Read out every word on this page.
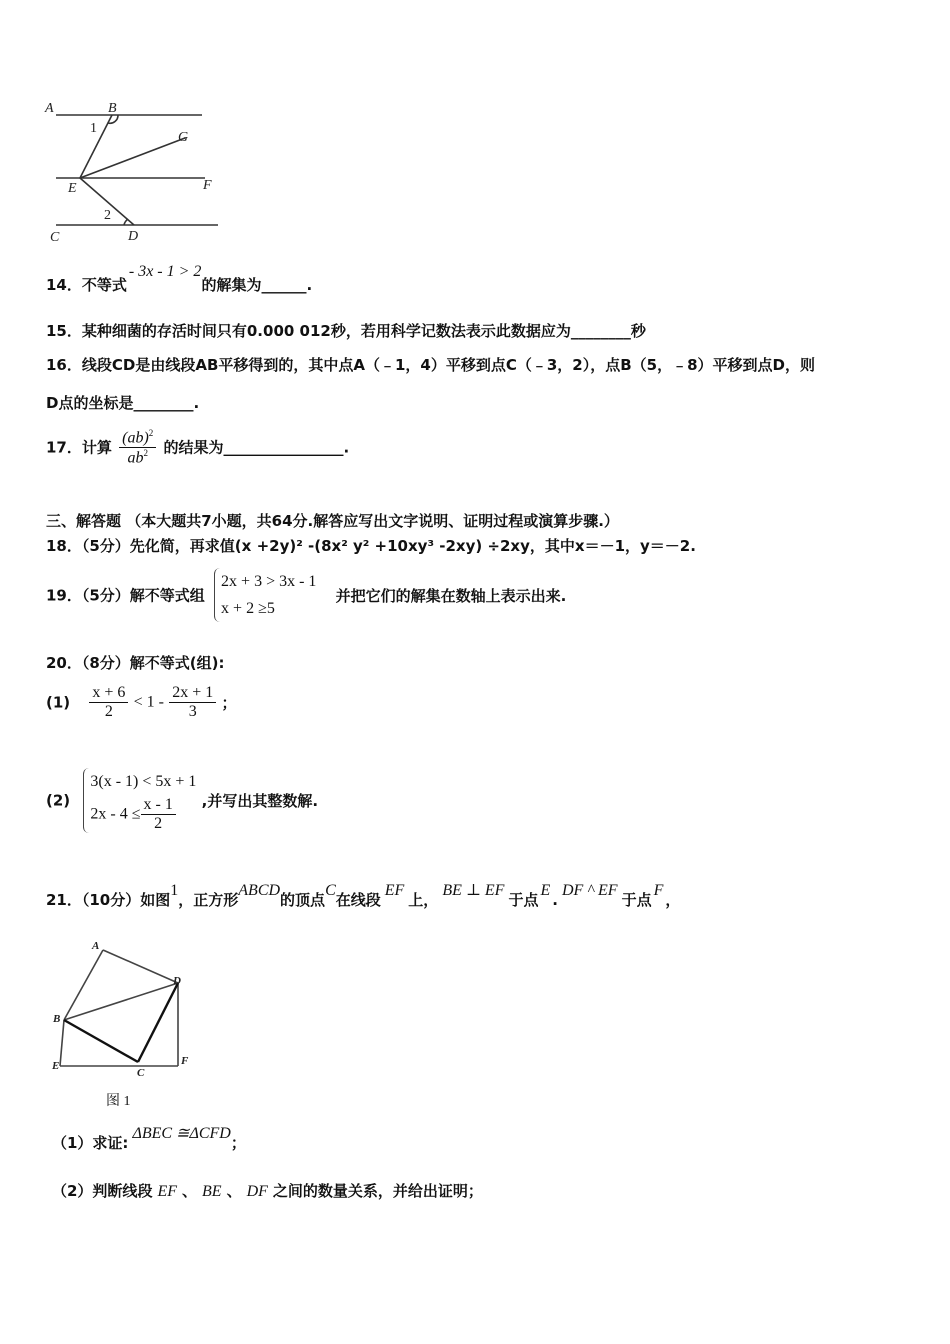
A	B
G
E	F
C	D
1
2
14．不等式- 3x - 1 > 2的解集为______.
15．某种细菌的存活时间只有0.000 012秒，若用科学记数法表示此数据应为________秒
16．线段CD是由线段AB平移得到的，其中点A（﹣1，4）平移到点C（﹣3，2），点B（5，﹣8）平移到点D，则
D点的坐标是________.
17．计算 $\frac{(ab)^2}{ab^2}$ 的结果为________________.
三、解答题 （本大题共7小题，共64分.解答应写出文字说明、证明过程或演算步骤.）
18．（5分）先化简，再求值(x +2y)² -(8x² y² +10xy³ -2xy) ÷2xy，其中x＝－1，y＝－2.
19．（5分）解不等式组
2x + 3 > 3x - 1
x + 2 ≥5
并把它们的解集在数轴上表示出来.
20．（8分）解不等式(组):
$(1) \frac{x + 6}{2} < 1 - \frac{2x + 1}{3}$ ；
(2)
3(x - 1) < 5x + 1
$2x - 4 \le \frac{x - 1}{2}$ ,并写出其整数解.
21．（10分）如图1，正方形ABCD的顶点C在线段EF上，BE ⊥ EF于点E.DF ^ EF于点F，
A
B
C
D
E	F
图 1
（1）求证:ΔBEC ≅ΔCFD；
（2）判断线段 EF 、 BE 、 DF 之间的数量关系，并给出证明；
